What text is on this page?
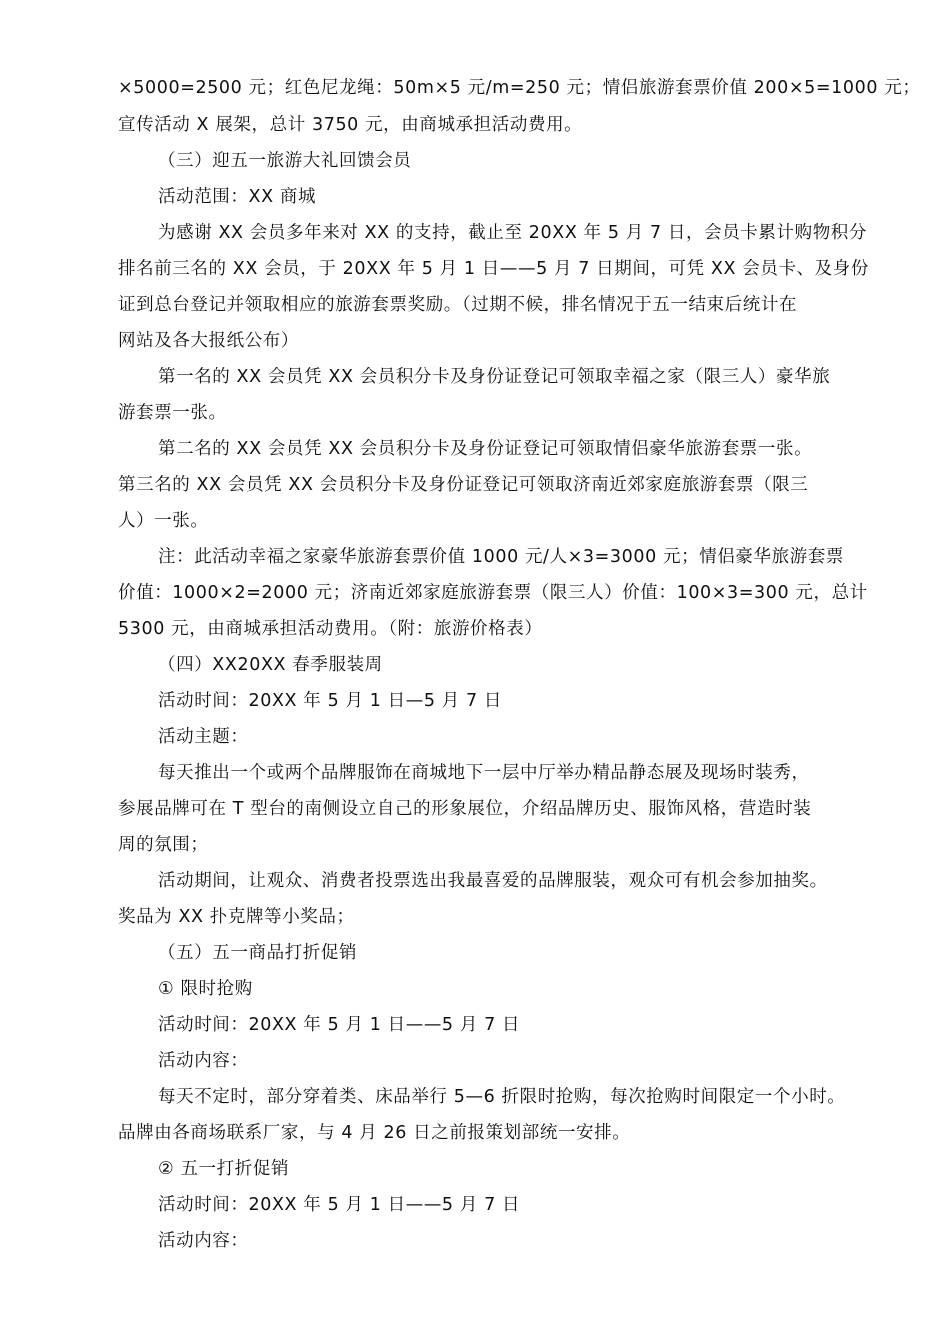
×5000=2500 元；红色尼龙绳：50m×5 元/m=250 元；情侣旅游套票价值 200×5=1000 元；
宣传活动 X 展架，总计 3750 元，由商城承担活动费用。
（三）迎五一旅游大礼回馈会员
活动范围：XX 商城
为感谢 XX 会员多年来对 XX 的支持，截止至 20XX 年 5 月 7 日，会员卡累计购物积分
排名前三名的 XX 会员，于 20XX 年 5 月 1 日——5 月 7 日期间，可凭 XX 会员卡、及身份
证到总台登记并领取相应的旅游套票奖励。（过期不候，排名情况于五一结束后统计在
网站及各大报纸公布）
第一名的 XX 会员凭 XX 会员积分卡及身份证登记可领取幸福之家（限三人）豪华旅
游套票一张。
第二名的 XX 会员凭 XX 会员积分卡及身份证登记可领取情侣豪华旅游套票一张。
第三名的 XX 会员凭 XX 会员积分卡及身份证登记可领取济南近郊家庭旅游套票（限三
人）一张。
注：此活动幸福之家豪华旅游套票价值 1000 元/人×3=3000 元；情侣豪华旅游套票
价值：1000×2=2000 元；济南近郊家庭旅游套票（限三人）价值：100×3=300 元，总计
5300 元，由商城承担活动费用。（附：旅游价格表）
（四）XX20XX 春季服装周
活动时间：20XX 年 5 月 1 日—5 月 7 日
活动主题：
每天推出一个或两个品牌服饰在商城地下一层中厅举办精品静态展及现场时装秀，
参展品牌可在 T 型台的南侧设立自己的形象展位，介绍品牌历史、服饰风格，营造时装
周的氛围；
活动期间，让观众、消费者投票选出我最喜爱的品牌服装，观众可有机会参加抽奖。
奖品为 XX 扑克牌等小奖品；
（五）五一商品打折促销
① 限时抢购
活动时间：20XX 年 5 月 1 日——5 月 7 日
活动内容：
每天不定时，部分穿着类、床品举行 5—6 折限时抢购，每次抢购时间限定一个小时。
品牌由各商场联系厂家，与 4 月 26 日之前报策划部统一安排。
② 五一打折促销
活动时间：20XX 年 5 月 1 日——5 月 7 日
活动内容：
